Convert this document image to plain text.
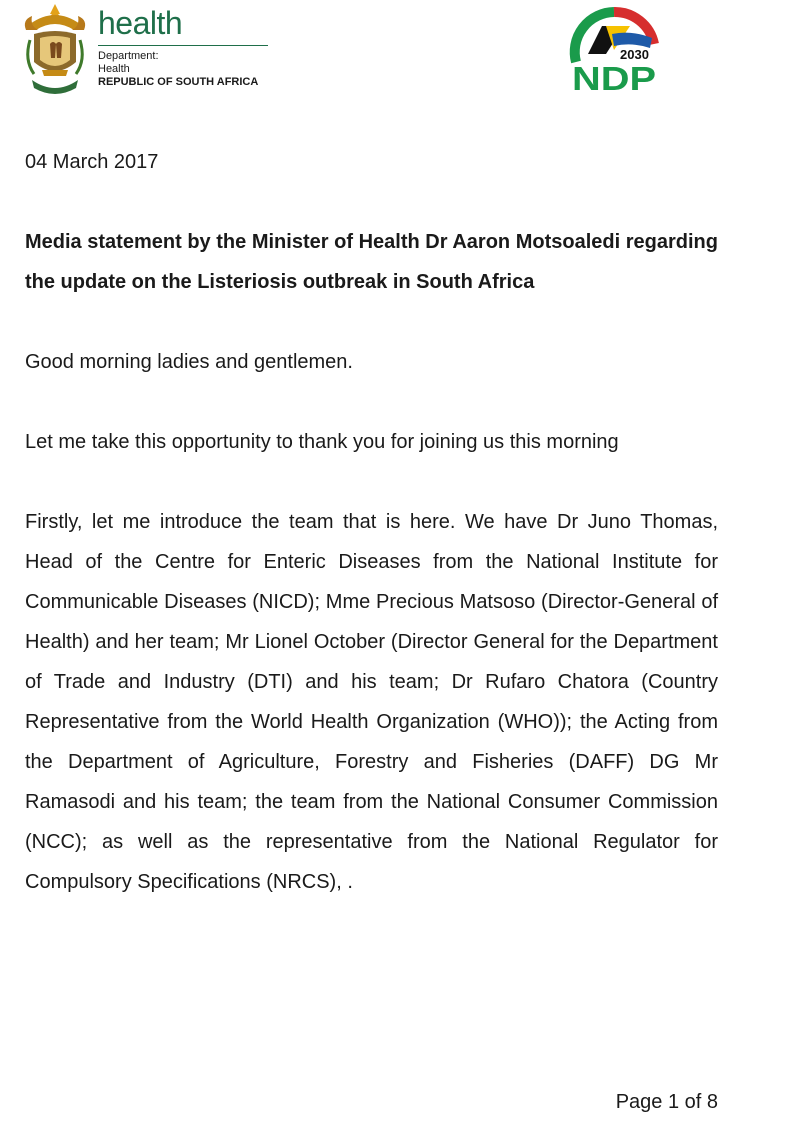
health

Department:

Health

REPUBLIC OF SOUTH AFRICA

2030
NDP

04 March 2017

Media statement by the Minister of Health Dr Aaron Motsoaledi regarding the update on the Listeriosis outbreak in South Africa

Good morning ladies and gentlemen.

Let me take this opportunity to thank you for joining us this morning

Firstly, let me introduce the team that is here. We have Dr Juno Thomas, Head of the Centre for Enteric Diseases from the National Institute for Communicable Diseases (NICD); Mme Precious Matsoso (Director-General of Health) and her team; Mr Lionel October (Director General for the Department of Trade and Industry (DTI) and his team; Dr Rufaro Chatora (Country Representative from the World Health Organization (WHO)); the Acting from the Department of Agriculture, Forestry and Fisheries (DAFF) DG Mr Ramasodi and his team; the team from the National Consumer Commission (NCC); as well as the representative from the National Regulator for Compulsory Specifications (NRCS), .

Page 1 of 8
